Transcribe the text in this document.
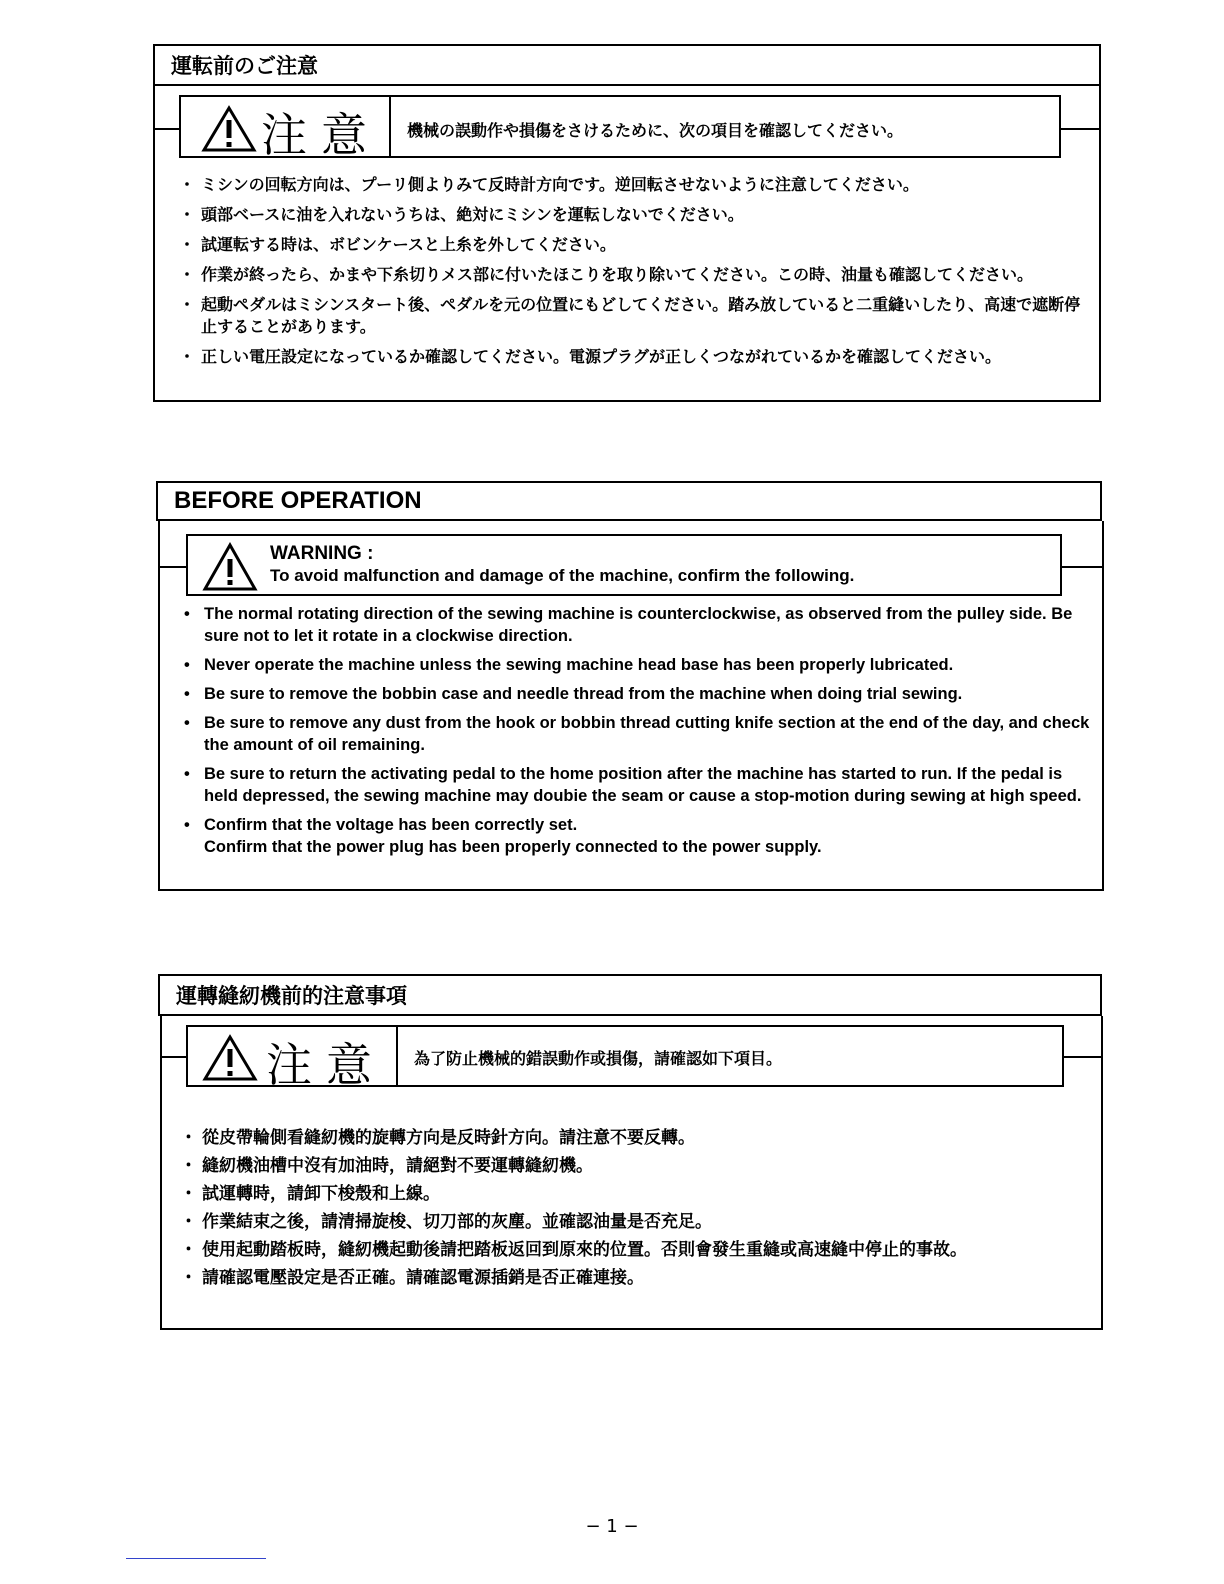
運転前のご注意
注意 機械の誤動作や損傷をさけるために、次の項目を確認してください。
・ ミシンの回転方向は、プーリ側よりみて反時計方向です。逆回転させないように注意してください。
・ 頭部ベースに油を入れないうちは、絶対にミシンを運転しないでください。
・ 試運転する時は、ボビンケースと上糸を外してください。
・ 作業が終ったら、かまや下糸切りメス部に付いたほこりを取り除いてください。この時、油量も確認してください。
・ 起動ペダルはミシンスタート後、ペダルを元の位置にもどしてください。踏み放していると二重縫いしたり、高速で遮断停止することがあります。
・ 正しい電圧設定になっているか確認してください。電源プラグが正しくつながれているかを確認してください。
BEFORE OPERATION
WARNING :
To avoid malfunction and damage of the machine, confirm the following.
• The normal rotating direction of the sewing machine is counterclockwise, as observed from the pulley side. Be sure not to let it rotate in a clockwise direction.
• Never operate the machine unless the sewing machine head base has been properly lubricated.
• Be sure to remove the bobbin case and needle thread from the machine when doing trial sewing.
• Be sure to remove any dust from the hook or bobbin thread cutting knife section at the end of the day, and check the amount of oil remaining.
• Be sure to return the activating pedal to the home position after the machine has started to run. If the pedal is held depressed, the sewing machine may doubie the seam or cause a stop-motion during sewing at high speed.
• Confirm that the voltage has been correctly set.
Confirm that the power plug has been properly connected to the power supply.
運轉縫紉機前的注意事項
注意 為了防止機械的錯誤動作或損傷，請確認如下項目。
・ 從皮帶輪側看縫紉機的旋轉方向是反時針方向。請注意不要反轉。
・ 縫紉機油槽中沒有加油時，請絕對不要運轉縫紉機。
・ 試運轉時，請卸下梭殼和上線。
・ 作業結束之後，請清掃旋梭、切刀部的灰塵。並確認油量是否充足。
・ 使用起動踏板時，縫紉機起動後請把踏板返回到原來的位置。否則會發生重縫或高速縫中停止的事故。
・ 請確認電壓設定是否正確。請確認電源插銷是否正確連接。
− 1 −
